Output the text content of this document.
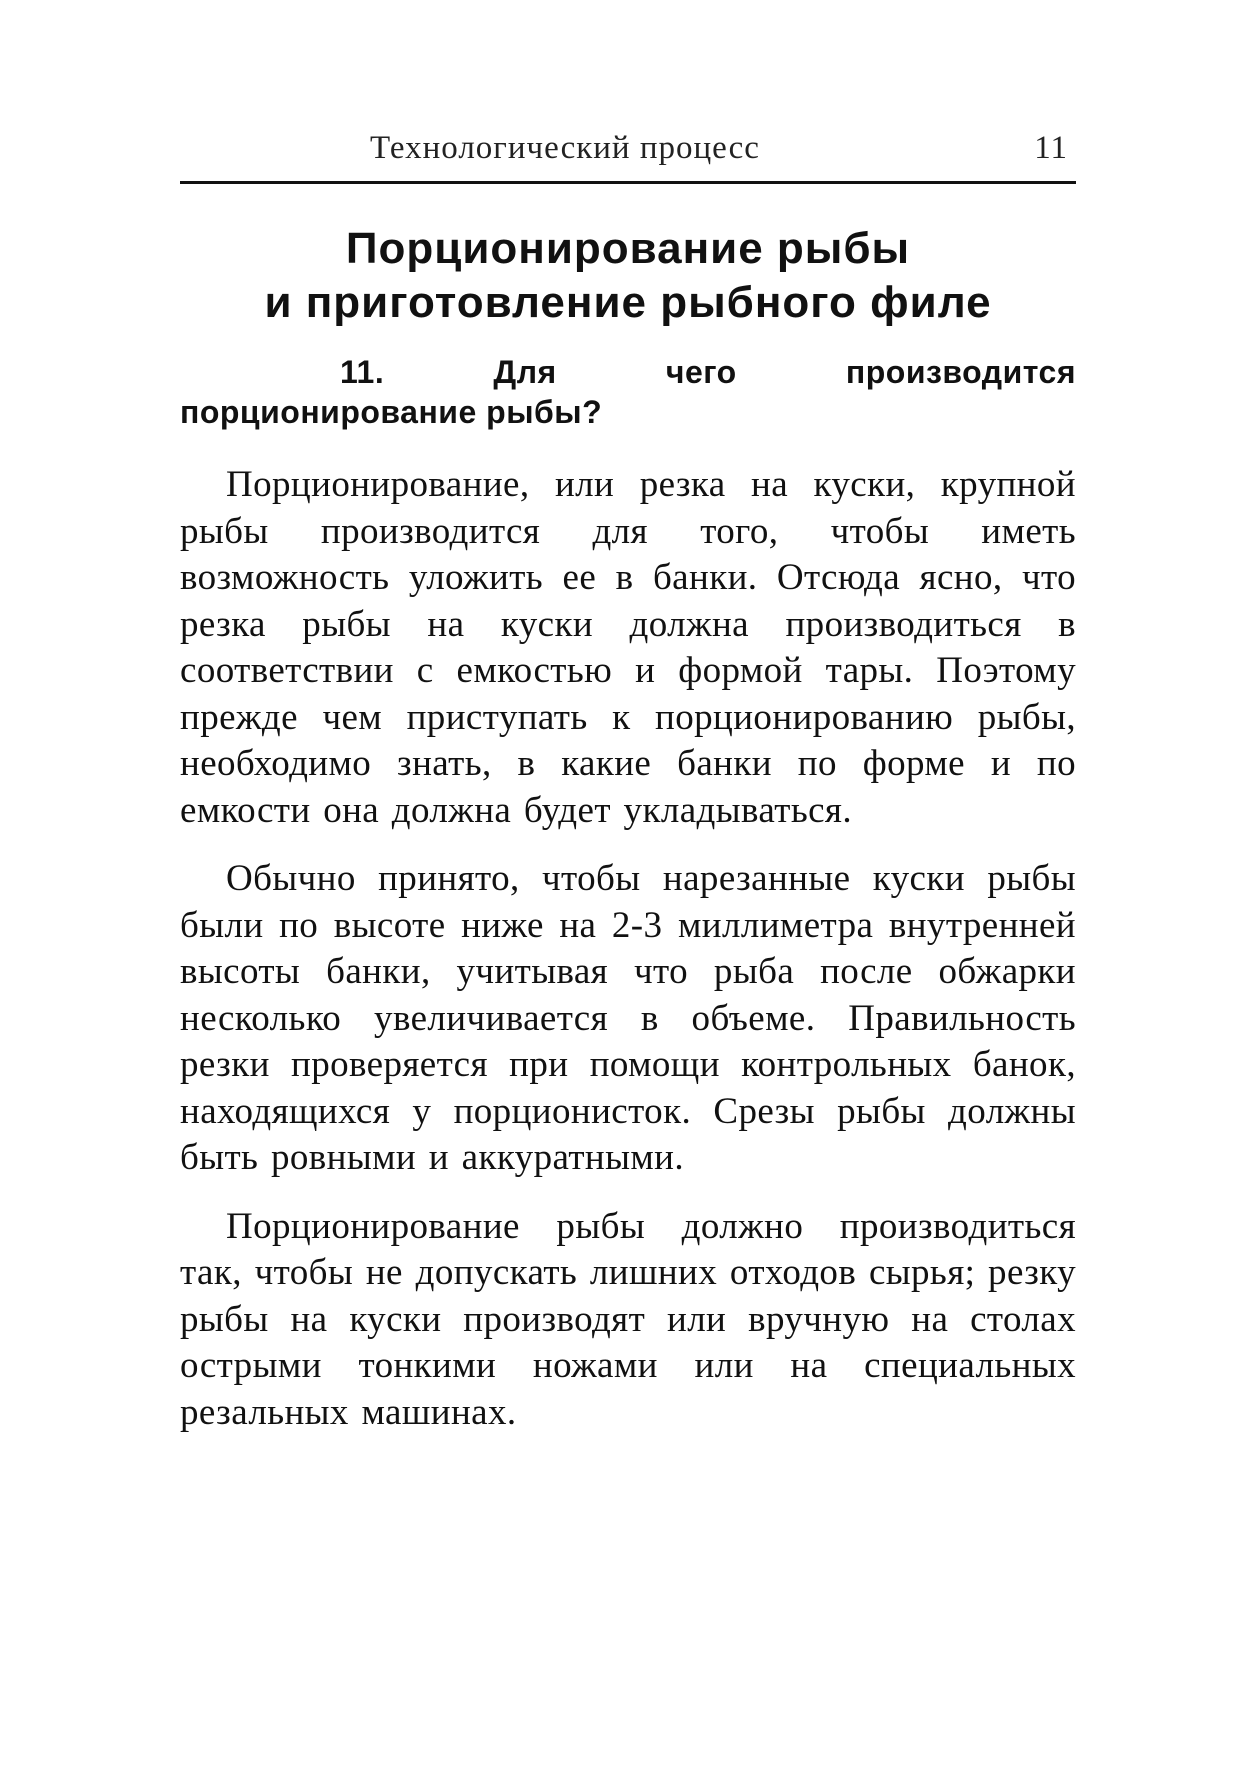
Технологический процесс	11
Порционирование рыбы
и приготовление рыбного филе
11. Для чего производится порционирование рыбы?

Порционирование, или резка на куски, крупной рыбы производится для того, чтобы иметь возможность уложить ее в банки. Отсюда ясно, что резка рыбы на куски должна производиться в соответствии с емкостью и формой тары. Поэтому прежде чем приступать к порционированию рыбы, необходимо знать, в какие банки по форме и по емкости она должна будет укладываться.

Обычно принято, чтобы нарезанные куски рыбы были по высоте ниже на 2-3 миллиметра внутренней высоты банки, учитывая что рыба после обжарки несколько увеличивается в объеме. Правильность резки проверяется при помощи контрольных банок, находящихся у порционисток. Срезы рыбы должны быть ровными и аккуратными.

Порционирование рыбы должно производиться так, чтобы не допускать лишних отходов сырья; резку рыбы на куски производят или вручную на столах острыми тонкими ножами или на специальных резальных машинах.
